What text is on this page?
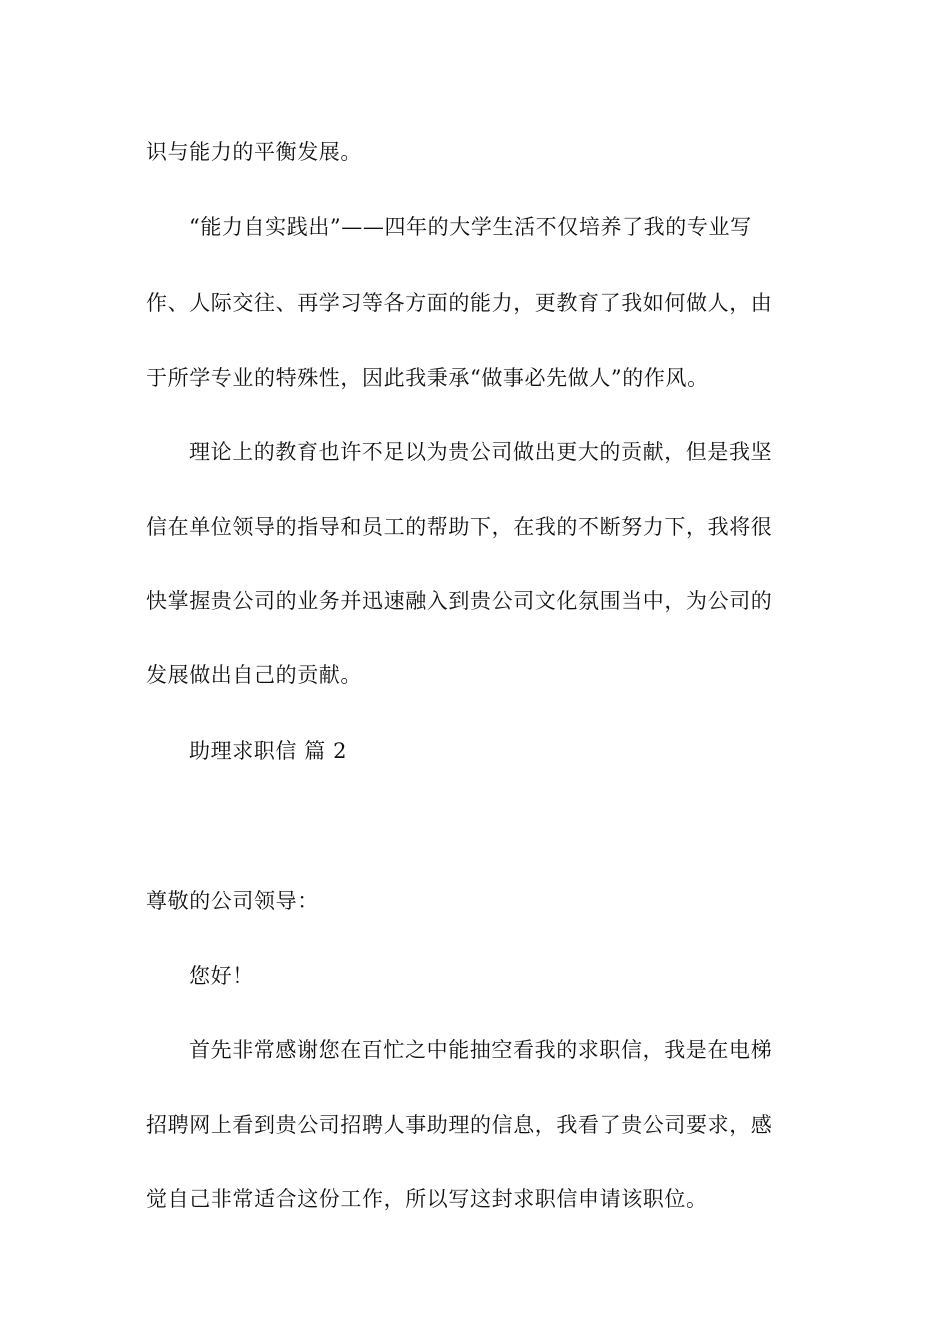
识与能力的平衡发展。
“能力自实践出”——四年的大学生活不仅培养了我的专业写
作、人际交往、再学习等各方面的能力，更教育了我如何做人，由
于所学专业的特殊性，因此我秉承“做事必先做人”的作风。
理论上的教育也许不足以为贵公司做出更大的贡献，但是我坚
信在单位领导的指导和员工的帮助下，在我的不断努力下，我将很
快掌握贵公司的业务并迅速融入到贵公司文化氛围当中，为公司的
发展做出自己的贡献。
助理求职信 篇 2
尊敬的公司领导：
您好！
首先非常感谢您在百忙之中能抽空看我的求职信，我是在电梯
招聘网上看到贵公司招聘人事助理的信息，我看了贵公司要求，感
觉自己非常适合这份工作，所以写这封求职信申请该职位。
